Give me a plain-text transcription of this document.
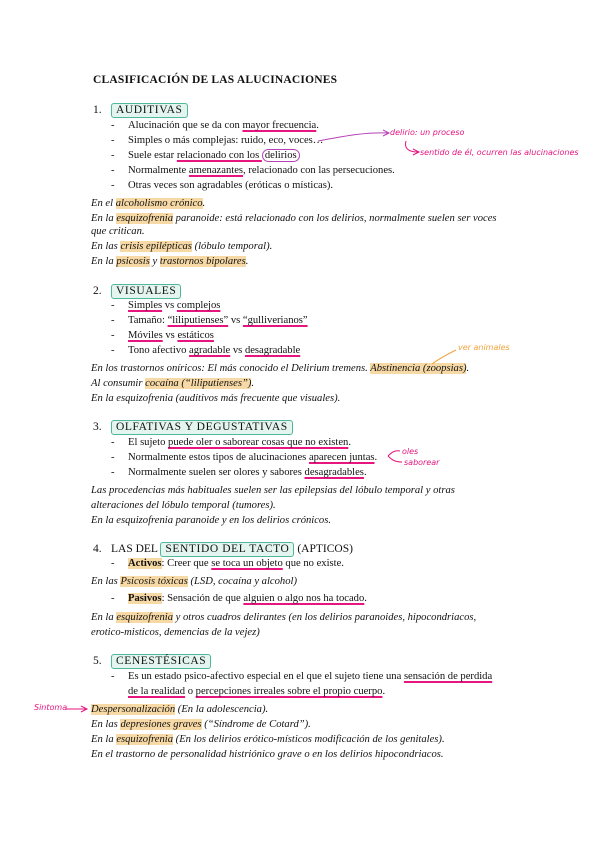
CLASIFICACIÓN DE LAS ALUCINACIONES
1. AUDITIVAS
- Alucinación que se da con mayor frecuencia.
- Simples o más complejas: ruido, eco, voces…
- Suele estar relacionado con los delirios
- Normalmente amenazantes, relacionado con las persecuciones.
- Otras veces son agradables (eróticas o místicas).
En el alcoholismo crónico.
En la esquizofrenia paranoide: está relacionado con los delirios, normalmente suelen ser voces
que critican.
En las crisis epilépticas (lóbulo temporal).
En la psicosis y trastornos bipolares.
2. VISUALES
- Simples vs complejos
- Tamaño: “liliputienses” vs “gulliverianos”
- Móviles vs estáticos
- Tono afectivo agradable vs desagradable
En los trastornos oníricos: El más conocido el Delirium tremens. Abstinencia (zoopsias).
Al consumir cocaína (“liliputienses”).
En la esquizofrenia (auditivos más frecuente que visuales).
3. OLFATIVAS Y DEGUSTATIVAS
- El sujeto puede oler o saborear cosas que no existen.
- Normalmente estos tipos de alucinaciones aparecen juntas.
- Normalmente suelen ser olores y sabores desagradables.
Las procedencias más habituales suelen ser las epilepsias del lóbulo temporal y otras
alteraciones del lóbulo temporal (tumores).
En la esquizofrenia paranoide y en los delirios crónicos.
4. LAS DEL SENTIDO DEL TACTO (APTICOS)
- Activos: Creer que se toca un objeto que no existe.
En las Psicosis tóxicas (LSD, cocaína y alcohol)
- Pasivos: Sensación de que alguien o algo nos ha tocado.
En la esquizofrenia y otros cuadros delirantes (en los delirios paranoides, hipocondriacos,
erotico-misticos, demencias de la vejez)
5. CENESTÉSICAS
- Es un estado psico-afectivo especial en el que el sujeto tiene una sensación de perdida
de la realidad o percepciones irreales sobre el propio cuerpo.
Despersonalización (En la adolescencia).
En las depresiones graves (“Síndrome de Cotard”).
En la esquizofrenia (En los delirios erótico-místicos modificación de los genitales).
En el trastorno de personalidad histriónico grave o en los delirios hipocondriacos.
delirio: un proceso
sentido de él, ocurren las alucinaciones
ver animales
oles
saborear
Sintoma
